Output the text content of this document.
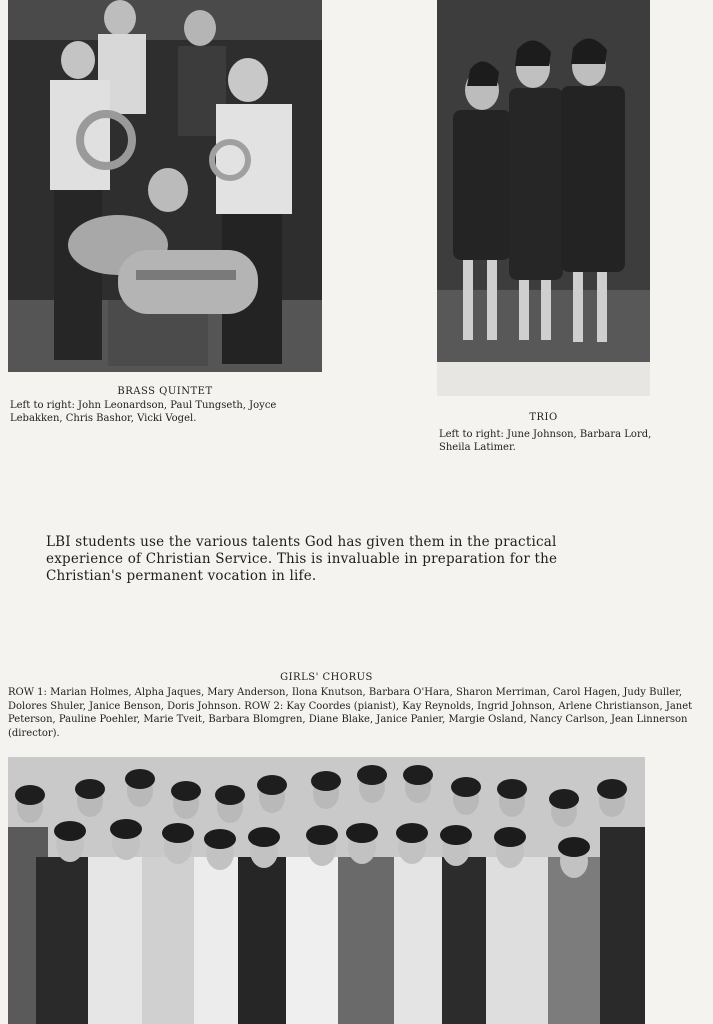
BRASS QUINTET
Left to right: John Leonardson, Paul Tungseth, Joyce Lebakken, Chris Bashor, Vicki Vogel.	TRIO
Left to right: June Johnson, Barbara Lord, Sheila Latimer.
LBI students use the various talents God has given them in the practical experience of Christian Service. This is invaluable in preparation for the Christian's permanent vocation in life.
GIRLS' CHORUS
ROW 1: Marian Holmes, Alpha Jaques, Mary Anderson, Ilona Knutson, Barbara O'Hara, Sharon Merriman, Carol Hagen, Judy Buller, Dolores Shuler, Janice Benson, Doris Johnson. ROW 2: Kay Coordes (pianist), Kay Reynolds, Ingrid Johnson, Arlene Christianson, Janet Peterson, Pauline Poehler, Marie Tveit, Barbara Blomgren, Diane Blake, Janice Panier, Margie Osland, Nancy Carlson, Jean Linnerson (director).
